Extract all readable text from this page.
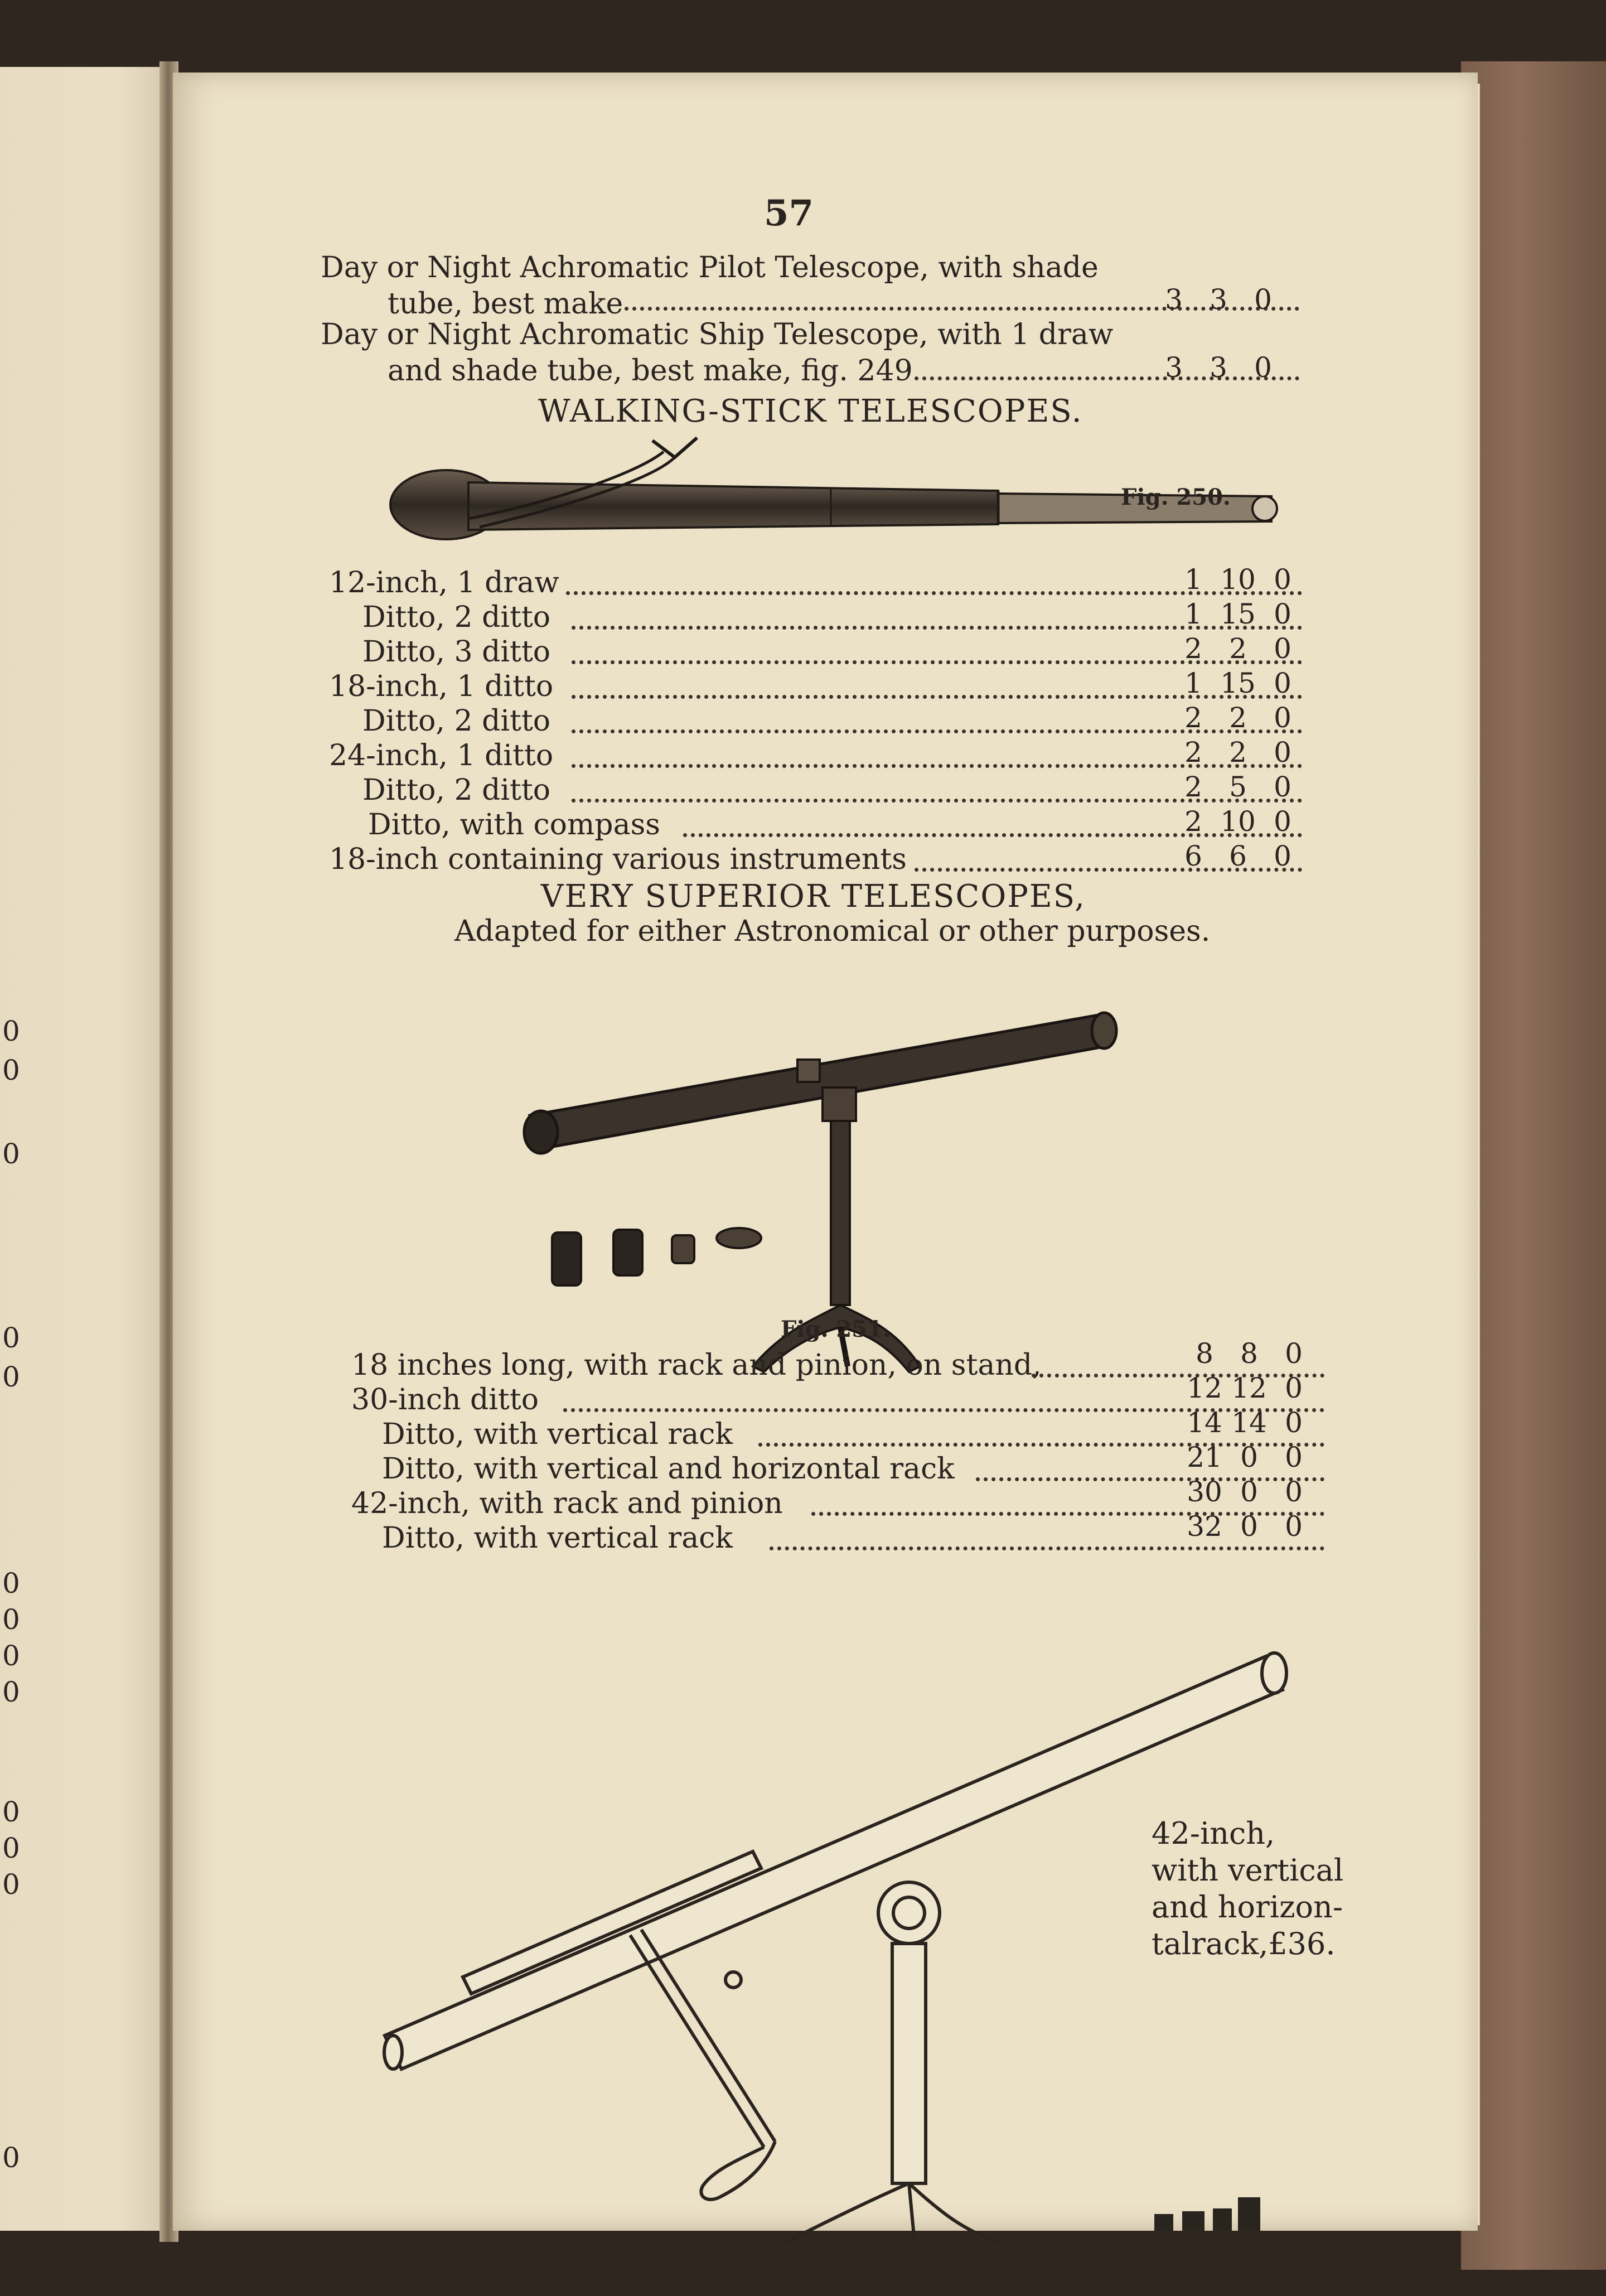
0
0
0
0
0
0
0
0
0
0
0
0
0
57
Day or Night Achromatic Pilot Telescope, with shade
tube, best make	3 3 0
Day or Night Achromatic Ship Telescope, with 1 draw
and shade tube, best make, fig. 249	3 3 0
WALKING-STICK TELESCOPES.
Fig. 250.
12-inch, 1 draw	1 10 0
Ditto, 2 ditto	1 15 0
Ditto, 3 ditto	2 2 0
18-inch, 1 ditto	1 15 0
Ditto, 2 ditto	2 2 0
24-inch, 1 ditto	2 2 0
Ditto, 2 ditto	2 5 0
Ditto, with compass	2 10 0
18-inch containing various instruments	6 6 0
VERY SUPERIOR TELESCOPES,
Adapted for either Astronomical or other purposes.
Fig. 251.
18 inches long, with rack and pinion, on stand,	8 8 0
30-inch ditto	12 12 0
Ditto, with vertical rack	14 14 0
Ditto, with vertical and horizontal rack	21 0 0
42-inch, with rack and pinion	30 0 0
Ditto, with vertical rack	32 0 0
42-inch,
with vertical
and horizon-
talrack,£36.
